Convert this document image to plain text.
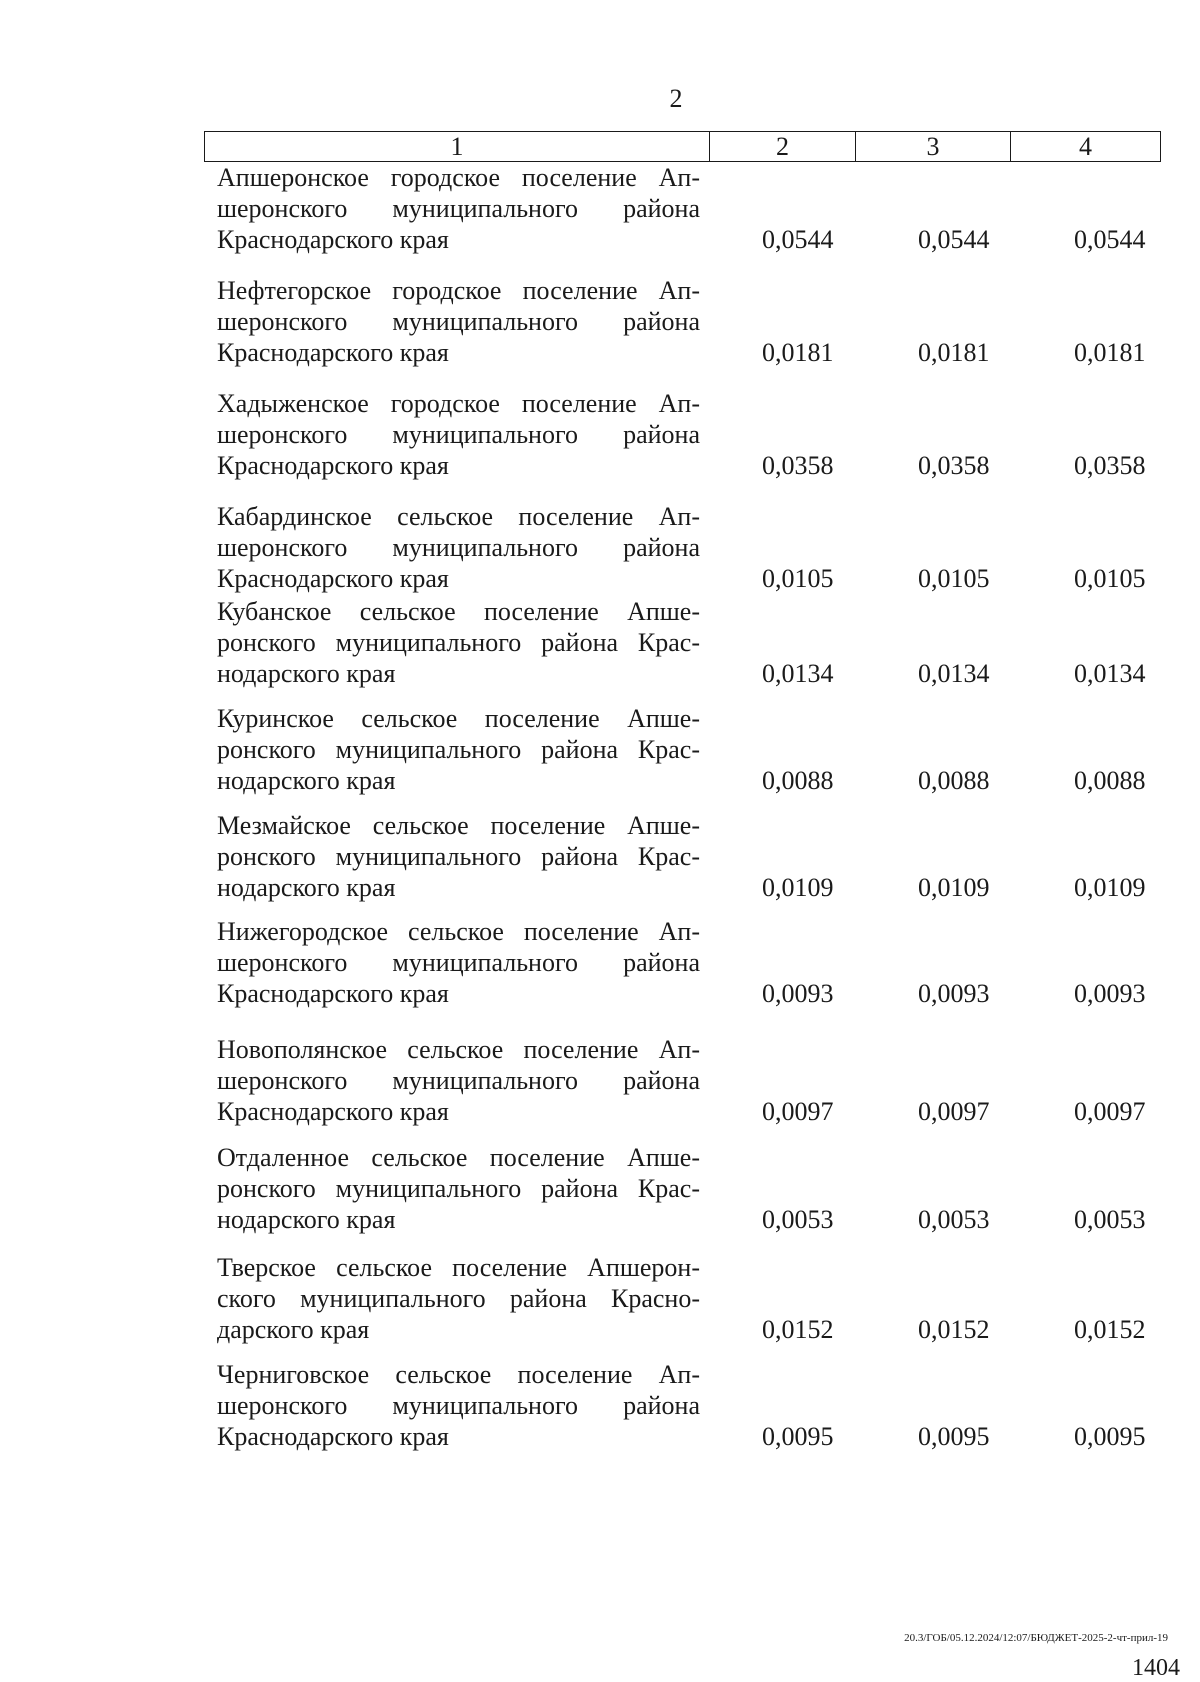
2
1	2	3	4
Апшеронское городское поселение Ап-
шеронского муниципального района
Краснодарского края	0,0544	0,0544	0,0544
Нефтегорское городское поселение Ап-
шеронского муниципального района
Краснодарского края	0,0181	0,0181	0,0181
Хадыженское городское поселение Ап-
шеронского муниципального района
Краснодарского края	0,0358	0,0358	0,0358
Кабардинское сельское поселение Ап-
шеронского муниципального района
Краснодарского края	0,0105	0,0105	0,0105
Кубанское сельское поселение Апше-
ронского муниципального района Крас-
нодарского края	0,0134	0,0134	0,0134
Куринское сельское поселение Апше-
ронского муниципального района Крас-
нодарского края	0,0088	0,0088	0,0088
Мезмайское сельское поселение Апше-
ронского муниципального района Крас-
нодарского края	0,0109	0,0109	0,0109
Нижегородское сельское поселение Ап-
шеронского муниципального района
Краснодарского края	0,0093	0,0093	0,0093
Новополянское сельское поселение Ап-
шеронского муниципального района
Краснодарского края	0,0097	0,0097	0,0097
Отдаленное сельское поселение Апше-
ронского муниципального района Крас-
нодарского края	0,0053	0,0053	0,0053
Тверское сельское поселение Апшерон-
ского муниципального района Красно-
дарского края	0,0152	0,0152	0,0152
Черниговское сельское поселение Ап-
шеронского муниципального района
Краснодарского края	0,0095	0,0095	0,0095
20.3/ГОБ/05.12.2024/12:07/БЮДЖЕТ-2025-2-чт-прил-19
1404
